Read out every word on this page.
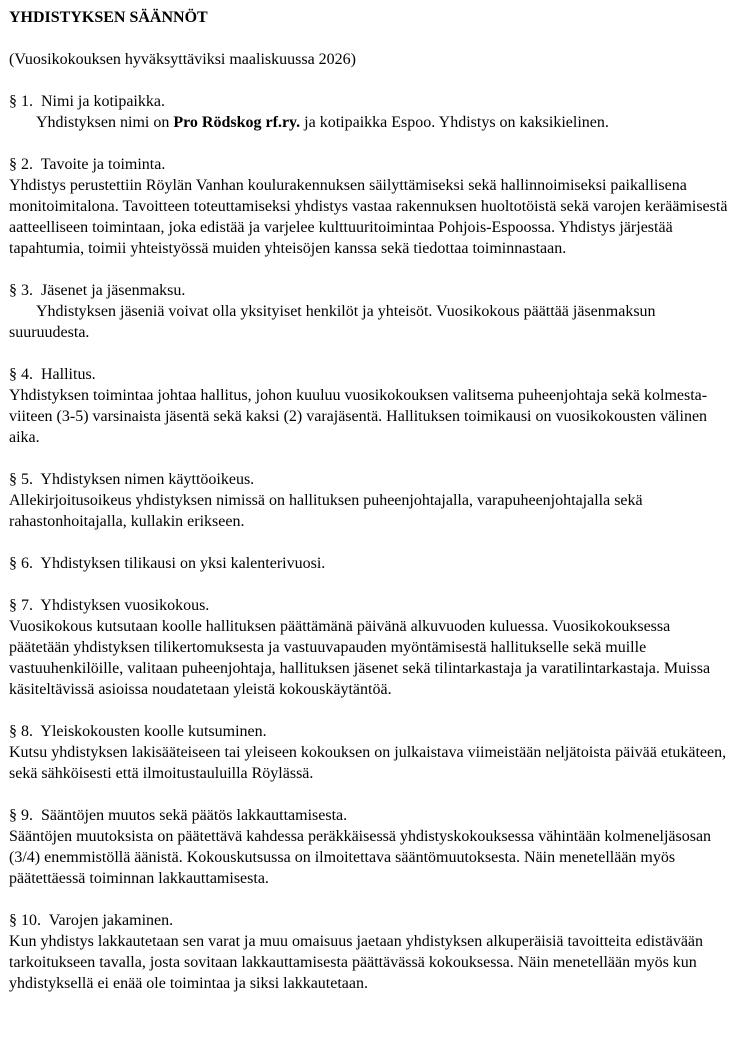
YHDISTYKSEN SÄÄNNÖT

(Vuosikokouksen hyväksyttäviksi maaliskuussa 2026)

§ 1.  Nimi ja kotipaikka.

Yhdistyksen nimi on Pro Rödskog rf.ry. ja kotipaikka Espoo. Yhdistys on kaksikielinen.

§ 2.  Tavoite ja toiminta.

Yhdistys perustettiin Röylän Vanhan koulurakennuksen säilyttämiseksi sekä hallinnoimiseksi paikallisena monitoimitalona. Tavoitteen toteuttamiseksi yhdistys vastaa rakennuksen huoltotöistä sekä varojen keräämisestä aatteelliseen toimintaan, joka edistää ja varjelee kulttuuritoimintaa Pohjois-Espoossa. Yhdistys järjestää tapahtumia, toimii yhteistyössä muiden yhteisöjen kanssa sekä tiedottaa toiminnastaan.

§ 3.  Jäsenet ja jäsenmaksu.

Yhdistyksen jäseniä voivat olla yksityiset henkilöt ja yhteisöt. Vuosikokous päättää jäsenmaksun suuruudesta.

§ 4.  Hallitus.

Yhdistyksen toimintaa johtaa hallitus, johon kuuluu vuosikokouksen valitsema puheenjohtaja sekä kolmesta-viiteen (3-5) varsinaista jäsentä sekä kaksi (2) varajäsentä. Hallituksen toimikausi on vuosikokousten välinen aika.

§ 5.  Yhdistyksen nimen käyttöoikeus.

Allekirjoitusoikeus yhdistyksen nimissä on hallituksen puheenjohtajalla, varapuheenjohtajalla sekä rahastonhoitajalla, kullakin erikseen.

§ 6.  Yhdistyksen tilikausi on yksi kalenterivuosi.

§ 7.  Yhdistyksen vuosikokous.

Vuosikokous kutsutaan koolle hallituksen päättämänä päivänä alkuvuoden kuluessa. Vuosikokouksessa päätetään yhdistyksen tilikertomuksesta ja vastuuvapauden myöntämisestä hallitukselle sekä muille vastuuhenkilöille, valitaan puheenjohtaja, hallituksen jäsenet sekä tilintarkastaja ja varatilintarkastaja. Muissa käsiteltävissä asioissa noudatetaan yleistä kokouskäytäntöä.

§ 8.  Yleiskokousten koolle kutsuminen.

Kutsu yhdistyksen lakisääteiseen tai yleiseen kokouksen on julkaistava viimeistään neljätoista päivää etukäteen, sekä sähköisesti että ilmoitustauluilla Röylässä.

§ 9.  Sääntöjen muutos sekä päätös lakkauttamisesta.

Sääntöjen muutoksista on päätettävä kahdessa peräkkäisessä yhdistyskokouksessa vähintään kolmeneljäsosan (3/4) enemmistöllä äänistä. Kokouskutsussa on ilmoitettava sääntömuutoksesta. Näin menetellään myös päätettäessä toiminnan lakkauttamisesta.

§ 10.  Varojen jakaminen.

Kun yhdistys lakkautetaan sen varat ja muu omaisuus jaetaan yhdistyksen alkuperäisiä tavoitteita edistävään tarkoitukseen tavalla, josta sovitaan lakkauttamisesta päättävässä kokouksessa. Näin menetellään myös kun yhdistyksellä ei enää ole toimintaa ja siksi lakkautetaan.
